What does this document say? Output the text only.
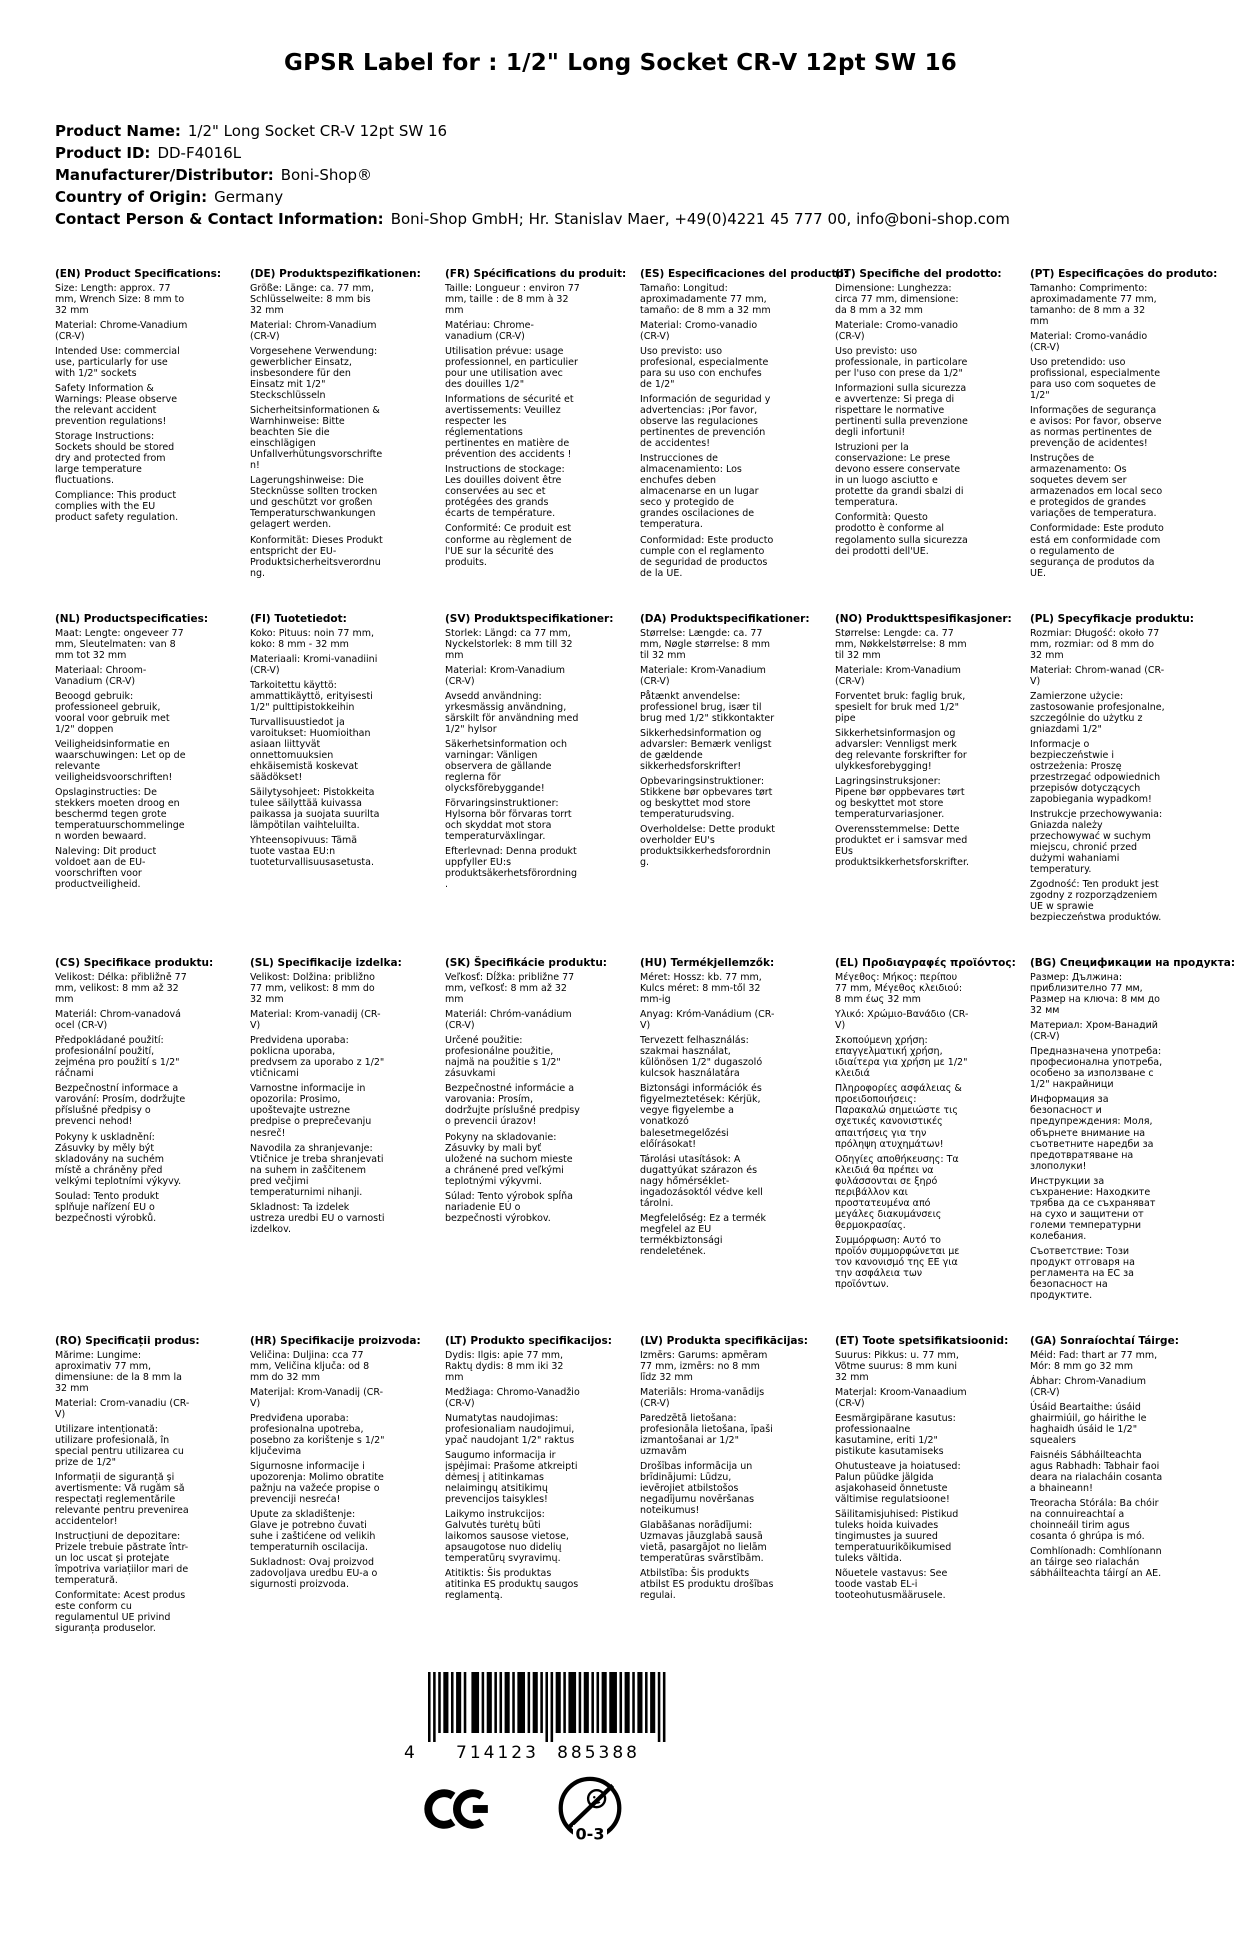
GPSR Label for : 1/2" Long Socket CR-V 12pt SW 16
Product Name: 1/2" Long Socket CR-V 12pt SW 16
Product ID: DD-F4016L
Manufacturer/Distributor: Boni-Shop®
Country of Origin: Germany
Contact Person & Contact Information: Boni-Shop GmbH; Hr. Stanislav Maer, +49(0)4221 45 777 00, info@boni-shop.com
(EN) Product Specifications:

Size: Length: approx. 77 mm, Wrench Size: 8 mm to 32 mm

Material: Chrome-Vanadium (CR-V)

Intended Use: commercial use, particularly for use with 1/2" sockets

Safety Information & Warnings: Please observe the relevant accident prevention regulations!

Storage Instructions: Sockets should be stored dry and protected from large temperature fluctuations.

Compliance: This product complies with the EU product safety regulation.

(DE) Produktspezifikationen:

Größe: Länge: ca. 77 mm, Schlüsselweite: 8 mm bis 32 mm

Material: Chrom-Vanadium (CR-V)

Vorgesehene Verwendung: gewerblicher Einsatz, insbesondere für den Einsatz mit 1/2" Steckschlüsseln

Sicherheitsinformationen & Warnhinweise: Bitte beachten Sie die einschlägigen Unfallverhütungsvorschriften!

Lagerungshinweise: Die Stecknüsse sollten trocken und geschützt vor großen Temperaturschwankungen gelagert werden.

Konformität: Dieses Produkt entspricht der EU-Produktsicherheitsverordnung.

(FR) Spécifications du produit:

Taille: Longueur : environ 77 mm, taille : de 8 mm à 32 mm

Matériau: Chrome-vanadium (CR-V)

Utilisation prévue: usage professionnel, en particulier pour une utilisation avec des douilles 1/2"

Informations de sécurité et avertissements: Veuillez respecter les réglementations pertinentes en matière de prévention des accidents !

Instructions de stockage: Les douilles doivent être conservées au sec et protégées des grands écarts de température.

Conformité: Ce produit est conforme au règlement de l'UE sur la sécurité des produits.

(ES) Especificaciones del producto:

Tamaño: Longitud: aproximadamente 77 mm, tamaño: de 8 mm a 32 mm

Material: Cromo-vanadio (CR-V)

Uso previsto: uso profesional, especialmente para su uso con enchufes de 1/2"

Información de seguridad y advertencias: ¡Por favor, observe las regulaciones pertinentes de prevención de accidentes!

Instrucciones de almacenamiento: Los enchufes deben almacenarse en un lugar seco y protegido de grandes oscilaciones de temperatura.

Conformidad: Este producto cumple con el reglamento de seguridad de productos de la UE.

(IT) Specifiche del prodotto:

Dimensione: Lunghezza: circa 77 mm, dimensione: da 8 mm a 32 mm

Materiale: Cromo-vanadio (CR-V)

Uso previsto: uso professionale, in particolare per l'uso con prese da 1/2"

Informazioni sulla sicurezza e avvertenze: Si prega di rispettare le normative pertinenti sulla prevenzione degli infortuni!

Istruzioni per la conservazione: Le prese devono essere conservate in un luogo asciutto e protette da grandi sbalzi di temperatura.

Conformità: Questo prodotto è conforme al regolamento sulla sicurezza dei prodotti dell'UE.

(PT) Especificações do produto:

Tamanho: Comprimento: aproximadamente 77 mm, tamanho: de 8 mm a 32 mm

Material: Cromo-vanádio (CR-V)

Uso pretendido: uso profissional, especialmente para uso com soquetes de 1/2"

Informações de segurança e avisos: Por favor, observe as normas pertinentes de prevenção de acidentes!

Instruções de armazenamento: Os soquetes devem ser armazenados em local seco e protegidos de grandes variações de temperatura.

Conformidade: Este produto está em conformidade com o regulamento de segurança de produtos da UE.

(NL) Productspecificaties:

Maat: Lengte: ongeveer 77 mm, Sleutelmaten: van 8 mm tot 32 mm

Materiaal: Chroom-Vanadium (CR-V)

Beoogd gebruik: professioneel gebruik, vooral voor gebruik met 1/2" doppen

Veiligheidsinformatie en waarschuwingen: Let op de relevante veiligheidsvoorschriften!

Opslaginstructies: De stekkers moeten droog en beschermd tegen grote temperatuurschommelingen worden bewaard.

Naleving: Dit product voldoet aan de EU-voorschriften voor productveiligheid.

(FI) Tuotetiedot:

Koko: Pituus: noin 77 mm, koko: 8 mm - 32 mm

Materiaali: Kromi-vanadiini (CR-V)

Tarkoitettu käyttö: ammattikäyttö, erityisesti 1/2" pulttipistokkeihin

Turvallisuustiedot ja varoitukset: Huomioithan asiaan liittyvät onnettomuuksien ehkäisemistä koskevat säädökset!

Säilytysohjeet: Pistokkeita tulee säilyttää kuivassa paikassa ja suojata suurilta lämpötilan vaihteluilta.

Yhteensopivuus: Tämä tuote vastaa EU:n tuoteturvallisuusasetusta.

(SV) Produktspecifikationer:

Storlek: Längd: ca 77 mm, Nyckelstorlek: 8 mm till 32 mm

Material: Krom-Vanadium (CR-V)

Avsedd användning: yrkesmässig användning, särskilt för användning med 1/2" hylsor

Säkerhetsinformation och varningar: Vänligen observera de gällande reglerna för olycksförebyggande!

Förvaringsinstruktioner: Hylsorna bör förvaras torrt och skyddat mot stora temperaturväxlingar.

Efterlevnad: Denna produkt uppfyller EU:s produktsäkerhetsförordning.

(DA) Produktspecifikationer:

Størrelse: Længde: ca. 77 mm, Nøgle størrelse: 8 mm til 32 mm

Materiale: Krom-Vanadium (CR-V)

Påtænkt anvendelse: professionel brug, især til brug med 1/2" stikkontakter

Sikkerhedsinformation og advarsler: Bemærk venligst de gældende sikkerhedsforskrifter!

Opbevaringsinstruktioner: Stikkene bør opbevares tørt og beskyttet mod store temperaturudsving.

Overholdelse: Dette produkt overholder EU's produktsikkerhedsforordning.

(NO) Produkttspesifikasjoner:

Størrelse: Lengde: ca. 77 mm, Nøkkelstørrelse: 8 mm til 32 mm

Materiale: Krom-Vanadium (CR-V)

Forventet bruk: faglig bruk, spesielt for bruk med 1/2" pipe

Sikkerhetsinformasjon og advarsler: Vennligst merk deg relevante forskrifter for ulykkesforebygging!

Lagringsinstruksjoner: Pipene bør oppbevares tørt og beskyttet mot store temperaturvariasjoner.

Overensstemmelse: Dette produktet er i samsvar med EUs produktsikkerhetsforskrifter.

(PL) Specyfikacje produktu:

Rozmiar: Długość: około 77 mm, rozmiar: od 8 mm do 32 mm

Materiał: Chrom-wanad (CR-V)

Zamierzone użycie: zastosowanie profesjonalne, szczególnie do użytku z gniazdami 1/2"

Informacje o bezpieczeństwie i ostrzeżenia: Proszę przestrzegać odpowiednich przepisów dotyczących zapobiegania wypadkom!

Instrukcje przechowywania: Gniazda należy przechowywać w suchym miejscu, chronić przed dużymi wahaniami temperatury.

Zgodność: Ten produkt jest zgodny z rozporządzeniem UE w sprawie bezpieczeństwa produktów.

(CS) Specifikace produktu:

Velikost: Délka: přibližně 77 mm, velikost: 8 mm až 32 mm

Materiál: Chrom-vanadová ocel (CR-V)

Předpokládané použití: profesionální použití, zejména pro použití s 1/2" ráčnami

Bezpečnostní informace a varování: Prosím, dodržujte příslušné předpisy o prevenci nehod!

Pokyny k uskladnění: Zásuvky by měly být skladovány na suchém místě a chráněny před velkými teplotními výkyvy.

Soulad: Tento produkt splňuje nařízení EU o bezpečnosti výrobků.

(SL) Specifikacije izdelka:

Velikost: Dolžina: približno 77 mm, velikost: 8 mm do 32 mm

Material: Krom-vanadij (CR-V)

Predvidena uporaba: poklicna uporaba, predvsem za uporabo z 1/2" vtičnicami

Varnostne informacije in opozorila: Prosimo, upoštevajte ustrezne predpise o preprečevanju nesreč!

Navodila za shranjevanje: Vtičnice je treba shranjevati na suhem in zaščitenem pred večjimi temperaturnimi nihanji.

Skladnost: Ta izdelek ustreza uredbi EU o varnosti izdelkov.

(SK) Špecifikácie produktu:

Veľkosť: Dĺžka: približne 77 mm, veľkosť: 8 mm až 32 mm

Materiál: Chróm-vanádium (CR-V)

Určené použitie: profesionálne použitie, najmä na použitie s 1/2" zásuvkami

Bezpečnostné informácie a varovania: Prosím, dodržujte príslušné predpisy o prevencii úrazov!

Pokyny na skladovanie: Zásuvky by mali byť uložené na suchom mieste a chránené pred veľkými teplotnými výkyvmi.

Súlad: Tento výrobok spĺňa nariadenie EÚ o bezpečnosti výrobkov.

(HU) Termékjellemzők:

Méret: Hossz: kb. 77 mm, Kulcs méret: 8 mm-től 32 mm-ig

Anyag: Króm-Vanádium (CR-V)

Tervezett felhasználás: szakmai használat, különösen 1/2" dugaszoló kulcsok használatára

Biztonsági információk és figyelmeztetések: Kérjük, vegye figyelembe a vonatkozó balesetmegelőzési előírásokat!

Tárolási utasítások: A dugattyúkat szárazon és nagy hőmérséklet-ingadozásoktól védve kell tárolni.

Megfelelőség: Ez a termék megfelel az EU termékbiztonsági rendeletének.

(EL) Προδιαγραφές προϊόντος:

Μέγεθος: Μήκος: περίπου 77 mm, Μέγεθος κλειδιού: 8 mm έως 32 mm

Υλικό: Χρώμιο-Βανάδιο (CR-V)

Σκοπούμενη χρήση: επαγγελματική χρήση, ιδιαίτερα για χρήση με 1/2" κλειδιά

Πληροφορίες ασφάλειας & προειδοποιήσεις: Παρακαλώ σημειώστε τις σχετικές κανονιστικές απαιτήσεις για την πρόληψη ατυχημάτων!

Οδηγίες αποθήκευσης: Τα κλειδιά θα πρέπει να φυλάσσονται σε ξηρό περιβάλλον και προστατευμένα από μεγάλες διακυμάνσεις θερμοκρασίας.

Συμμόρφωση: Αυτό το προϊόν συμμορφώνεται με τον κανονισμό της ΕΕ για την ασφάλεια των προϊόντων.

(BG) Спецификации на продукта:

Размер: Дължина: приблизително 77 мм, Размер на ключа: 8 мм до 32 мм

Материал: Хром-Ванадий (CR-V)

Предназначена употреба: професионална употреба, особено за използване с 1/2" накрайници

Информация за безопасност и предупреждения: Моля, обърнете внимание на съответните наредби за предотвратяване на злополуки!

Инструкции за съхранение: Находките трябва да се съхраняват на сухо и защитени от големи температурни колебания.

Съответствие: Този продукт отговаря на регламента на ЕС за безопасност на продуктите.

(RO) Specificații produs:

Mărime: Lungime: aproximativ 77 mm, dimensiune: de la 8 mm la 32 mm

Material: Crom-vanadiu (CR-V)

Utilizare intenționată: utilizare profesională, în special pentru utilizarea cu prize de 1/2"

Informații de siguranță și avertismente: Vă rugăm să respectați reglementările relevante pentru prevenirea accidentelor!

Instrucțiuni de depozitare: Prizele trebuie păstrate într-un loc uscat și protejate împotriva variațiilor mari de temperatură.

Conformitate: Acest produs este conform cu regulamentul UE privind siguranța produselor.

(HR) Specifikacije proizvoda:

Veličina: Duljina: cca 77 mm, Veličina ključa: od 8 mm do 32 mm

Materijal: Krom-Vanadij (CR-V)

Predviđena uporaba: profesionalna upotreba, posebno za korištenje s 1/2" ključevima

Sigurnosne informacije i upozorenja: Molimo obratite pažnju na važeće propise o prevenciji nesreća!

Upute za skladištenje: Glave je potrebno čuvati suhe i zaštićene od velikih temperaturnih oscilacija.

Sukladnost: Ovaj proizvod zadovoljava uredbu EU-a o sigurnosti proizvoda.

(LT) Produkto specifikacijos:

Dydis: Ilgis: apie 77 mm, Raktų dydis: 8 mm iki 32 mm

Medžiaga: Chromo-Vanadžio (CR-V)

Numatytas naudojimas: profesionaliam naudojimui, ypač naudojant 1/2" raktus

Saugumo informacija ir įspėjimai: Prašome atkreipti dėmesį į atitinkamas nelaimingų atsitikimų prevencijos taisykles!

Laikymo instrukcijos: Galvutės turėtų būti laikomos sausose vietose, apsaugotose nuo didelių temperatūrų svyravimų.

Atitiktis: Šis produktas atitinka ES produktų saugos reglamentą.

(LV) Produkta specifikācijas:

Izmērs: Garums: apmēram 77 mm, izmērs: no 8 mm līdz 32 mm

Materiāls: Hroma-vanādijs (CR-V)

Paredzētā lietošana: profesionāla lietošana, īpaši izmantošanai ar 1/2" uzmavām

Drošības informācija un brīdinājumi: Lūdzu, ievērojiet atbilstošos negadījumu novēršanas noteikumus!

Glabāšanas norādījumi: Uzmavas jāuzglabā sausā vietā, pasargājot no lielām temperatūras svārstībām.

Atbilstība: Šis produkts atbilst ES produktu drošības regulai.

(ET) Toote spetsifikatsioonid:

Suurus: Pikkus: u. 77 mm, Võtme suurus: 8 mm kuni 32 mm

Materjal: Kroom-Vanaadium (CR-V)

Eesmärgipärane kasutus: professionaalne kasutamine, eriti 1/2" pistikute kasutamiseks

Ohutusteave ja hoiatused: Palun püüdke jälgida asjakohaseid õnnetuste vältimise regulatsioone!

Säilitamisjuhised: Pistikud tuleks hoida kuivades tingimustes ja suured temperatuurikõikumised tuleks vältida.

Nõuetele vastavus: See toode vastab EL-i tooteohutusmäärusele.

(GA) Sonraíochtaí Táirge:

Méid: Fad: thart ar 77 mm, Mór: 8 mm go 32 mm

Ábhar: Chrom-Vanadium (CR-V)

Úsáid Beartaithe: úsáid ghairmiúil, go háirithe le haghaidh úsáid le 1/2" squealers

Faisnéis Sábháilteachta agus Rabhadh: Tabhair faoi deara na rialacháin cosanta a bhaineann!

Treoracha Stórála: Ba chóir na connuireachtaí a choinneáil tirim agus cosanta ó ghrúpa is mó.

Comhlíonadh: Comhlíonann an táirge seo rialachán sábháilteachta táirgí an AE.

4 714123 885388
0-3
